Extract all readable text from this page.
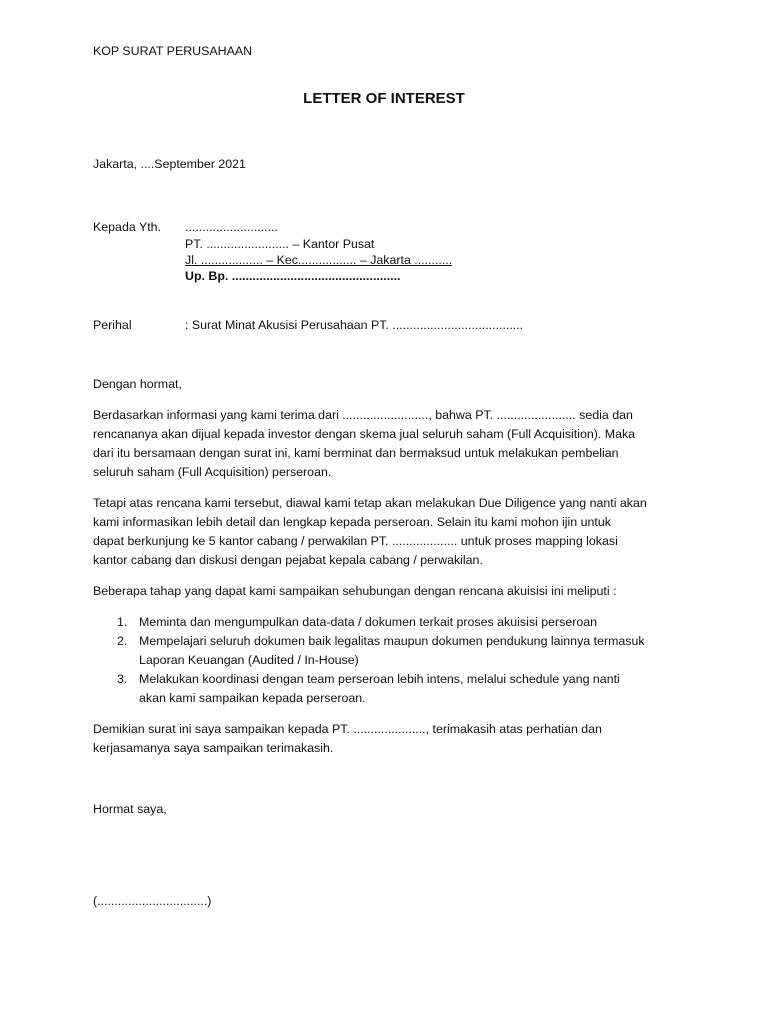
KOP SURAT PERUSAHAAN

LETTER OF INTEREST

Jakarta, ....September 2021

Kepada Yth. ...........................

PT. ........................ – Kantor Pusat

Jl. .................. – Kec................. – Jakarta ...........

Up. Bp. .................................................

Perihal	: Surat Minat Akusisi Perusahaan PT. ......................................

Dengan hormat,

Berdasarkan informasi yang kami terima dari ........................., bahwa PT. ....................... sedia dan

rencananya akan dijual kepada investor dengan skema jual seluruh saham (Full Acquisition). Maka

dari itu bersamaan dengan surat ini, kami berminat dan bermaksud untuk melakukan pembelian

seluruh saham (Full Acquisition) perseroan.

Tetapi atas rencana kami tersebut, diawal kami tetap akan melakukan Due Diligence yang nanti akan

kami informasikan lebih detail dan lengkap kepada perseroan. Selain itu kami mohon ijin untuk

dapat berkunjung ke 5 kantor cabang / perwakilan PT. ................... untuk proses mapping lokasi

kantor cabang dan diskusi dengan pejabat kepala cabang / perwakilan.

Beberapa tahap yang dapat kami sampaikan sehubungan dengan rencana akuisisi ini meliputi :

1. Meminta dan mengumpulkan data-data / dokumen terkait proses akuisisi perseroan

2. Mempelajari seluruh dokumen baik legalitas maupun dokumen pendukung lainnya termasuk

Laporan Keuangan (Audited / In-House)

3. Melakukan koordinasi dengan team perseroan lebih intens, melalui schedule yang nanti

akan kami sampaikan kepada perseroan.

Demikian surat ini saya sampaikan kepada PT. ....................., terimakasih atas perhatian dan

kerjasamanya saya sampaikan terimakasih.

Hormat saya,

(................................)
